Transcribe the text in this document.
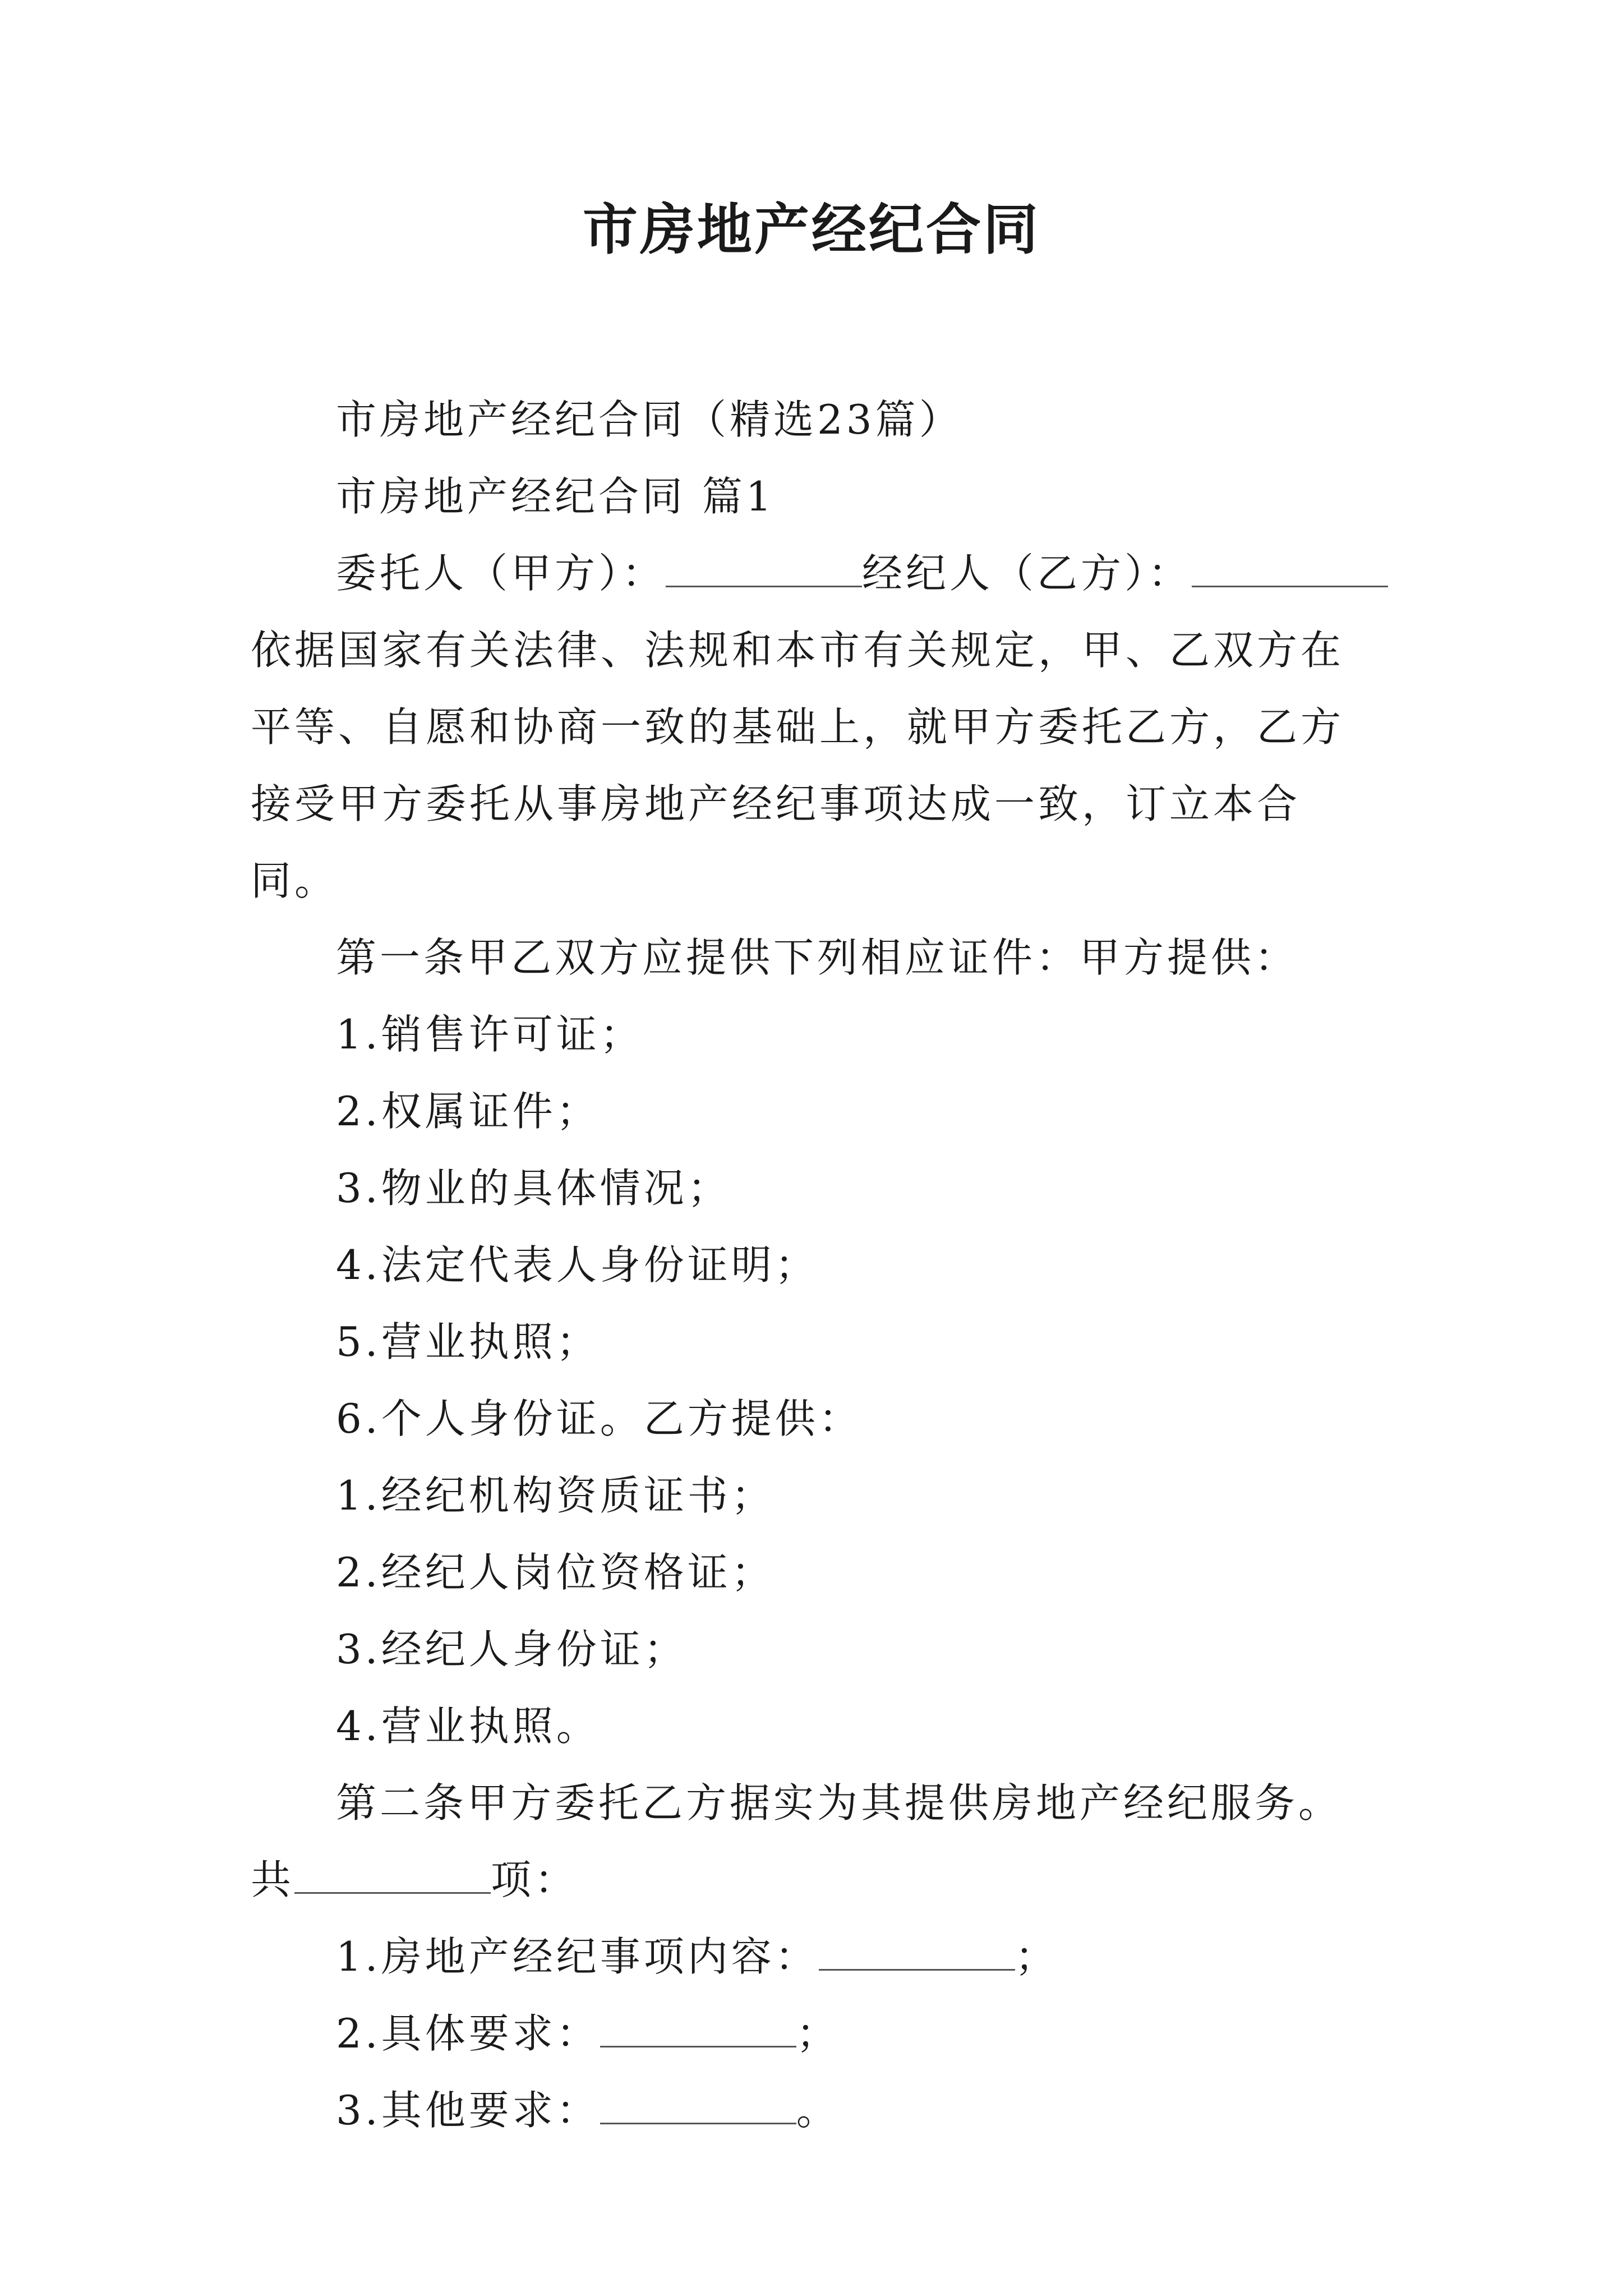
市房地产经纪合同

市房地产经纪合同（精选23篇）

市房地产经纪合同 篇1

委托人（甲方）：	经纪人（乙方）：

依据国家有关法律、法规和本市有关规定，甲、乙双方在平等、自愿和协商一致的基础上，就甲方委托乙方，乙方接受甲方委托从事房地产经纪事项达成一致，订立本合同。

第一条甲乙双方应提供下列相应证件：甲方提供：

1.销售许可证；

2.权属证件；

3.物业的具体情况；

4.法定代表人身份证明；

5.营业执照；

6.个人身份证。乙方提供：

1.经纪机构资质证书；

2.经纪人岗位资格证；

3.经纪人身份证；

4.营业执照。

第二条甲方委托乙方据实为其提供房地产经纪服务。共	项：

1.房地产经纪事项内容：	；

2.具体要求：	；

3.其他要求：	。
